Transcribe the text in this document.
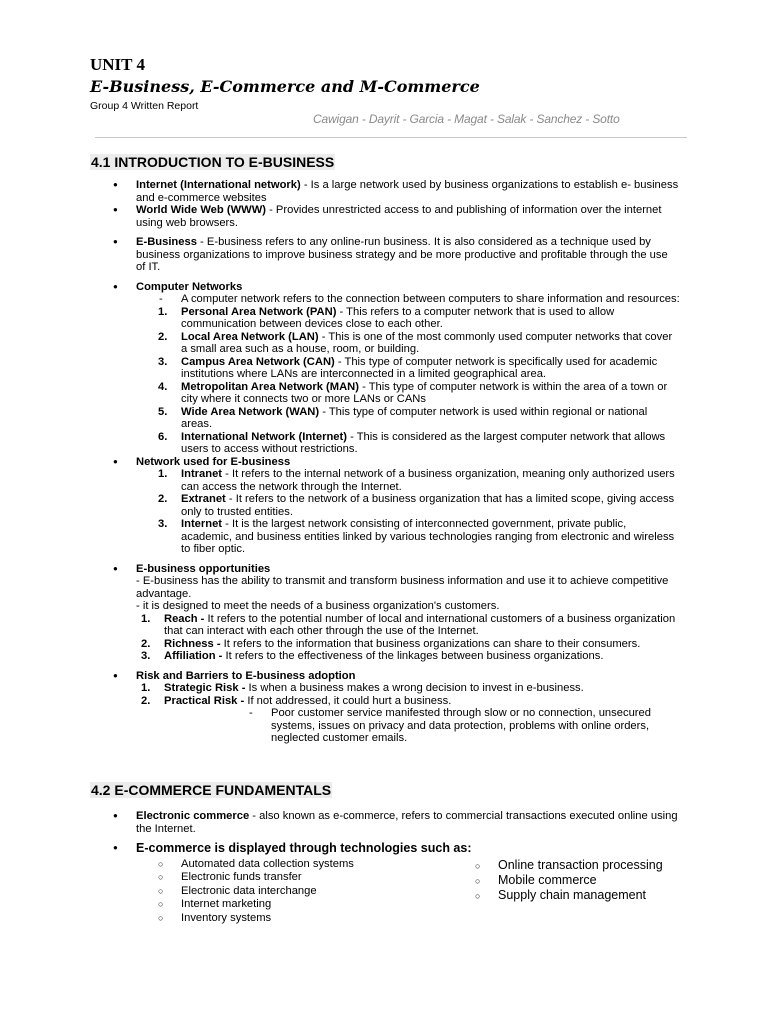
UNIT 4
E-Business, E-Commerce and M-Commerce
Group 4 Written Report
Cawigan - Dayrit - Garcia - Magat - Salak - Sanchez - Sotto
4.1 INTRODUCTION TO E-BUSINESS
● Internet (International network) - Is a large network used by business organizations to establish e- business and e-commerce websites
● World Wide Web (WWW) - Provides unrestricted access to and publishing of information over the internet using web browsers.
● E-Business - E-business refers to any online-run business. It is also considered as a technique used by business organizations to improve business strategy and be more productive and profitable through the use of IT.
● Computer Networks
- A computer network refers to the connection between computers to share information and resources:
1. Personal Area Network (PAN) - This refers to a computer network that is used to allow communication between devices close to each other.
2. Local Area Network (LAN) - This is one of the most commonly used computer networks that cover a small area such as a house, room, or building.
3. Campus Area Network (CAN) - This type of computer network is specifically used for academic institutions where LANs are interconnected in a limited geographical area.
4. Metropolitan Area Network (MAN) - This type of computer network is within the area of a town or city where it connects two or more LANs or CANs
5. Wide Area Network (WAN) - This type of computer network is used within regional or national areas.
6. International Network (Internet) - This is considered as the largest computer network that allows users to access without restrictions.
● Network used for E-business
1. Intranet - It refers to the internal network of a business organization, meaning only authorized users can access the network through the Internet.
2. Extranet - It refers to the network of a business organization that has a limited scope, giving access only to trusted entities.
3. Internet - It is the largest network consisting of interconnected government, private public, academic, and business entities linked by various technologies ranging from electronic and wireless to fiber optic.
● E-business opportunities
- E-business has the ability to transmit and transform business information and use it to achieve competitive advantage.
- it is designed to meet the needs of a business organization's customers.
1. Reach - It refers to the potential number of local and international customers of a business organization that can interact with each other through the use of the Internet.
2. Richness - It refers to the information that business organizations can share to their consumers.
3. Affiliation - It refers to the effectiveness of the linkages between business organizations.
● Risk and Barriers to E-business adoption
1. Strategic Risk - Is when a business makes a wrong decision to invest in e-business.
2. Practical Risk - If not addressed, it could hurt a business.
- Poor customer service manifested through slow or no connection, unsecured systems, issues on privacy and data protection, problems with online orders, neglected customer emails.
4.2 E-COMMERCE FUNDAMENTALS
● Electronic commerce - also known as e-commerce, refers to commercial transactions executed online using the Internet.
● E-commerce is displayed through technologies such as:
○ Automated data collection systems
○ Electronic funds transfer
○ Electronic data interchange
○ Internet marketing
○ Inventory systems
○ Online transaction processing
○ Mobile commerce
○ Supply chain management
